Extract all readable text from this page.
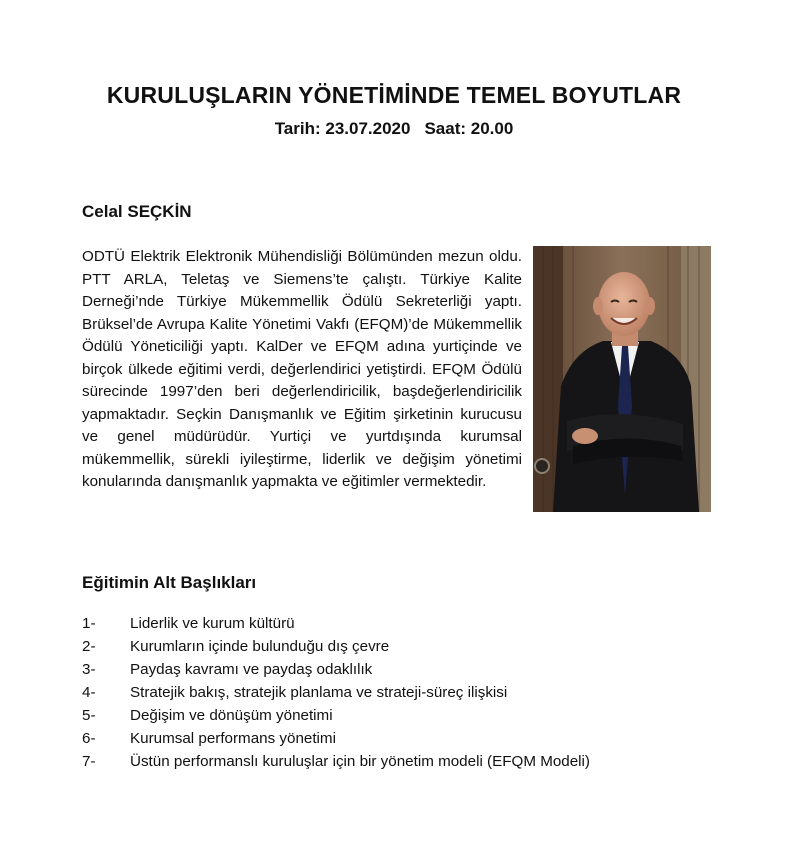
KURULUŞLARIN YÖNETİMİNDE TEMEL BOYUTLAR
Tarih: 23.07.2020 Saat: 20.00
Celal SEÇKİN
ODTÜ Elektrik Elektronik Mühendisliği Bölümünden mezun oldu. PTT ARLA, Teletaş ve Siemens’te çalıştı. Türkiye Kalite Derneği’nde Türkiye Mükemmellik Ödülü Sekreterliği yaptı. Brüksel’de Avrupa Kalite Yönetimi Vakfı (EFQM)’de Mükemmellik Ödülü Yöneticiliği yaptı. KalDer ve EFQM adına yurtiçinde ve birçok ülkede eğitimi verdi, değerlendirici yetiştirdi. EFQM Ödülü sürecinde 1997’den beri değerlendiricilik, başdeğerlendiricilik yapmaktadır. Seçkin Danışmanlık ve Eğitim şirketinin kurucusu ve genel müdürüdür. Yurtiçi ve yurtdışında kurumsal mükemmellik, sürekli iyileştirme, liderlik ve değişim yönetimi konularında danışmanlık yapmakta ve eğitimler vermektedir.
Eğitimin Alt Başlıkları
1-	Liderlik ve kurum kültürü
2-	Kurumların içinde bulunduğu dış çevre
3-	Paydaş kavramı ve paydaş odaklılık
4-	Stratejik bakış, stratejik planlama ve strateji-süreç ilişkisi
5-	Değişim ve dönüşüm yönetimi
6-	Kurumsal performans yönetimi
7-	Üstün performanslı kuruluşlar için bir yönetim modeli (EFQM Modeli)
